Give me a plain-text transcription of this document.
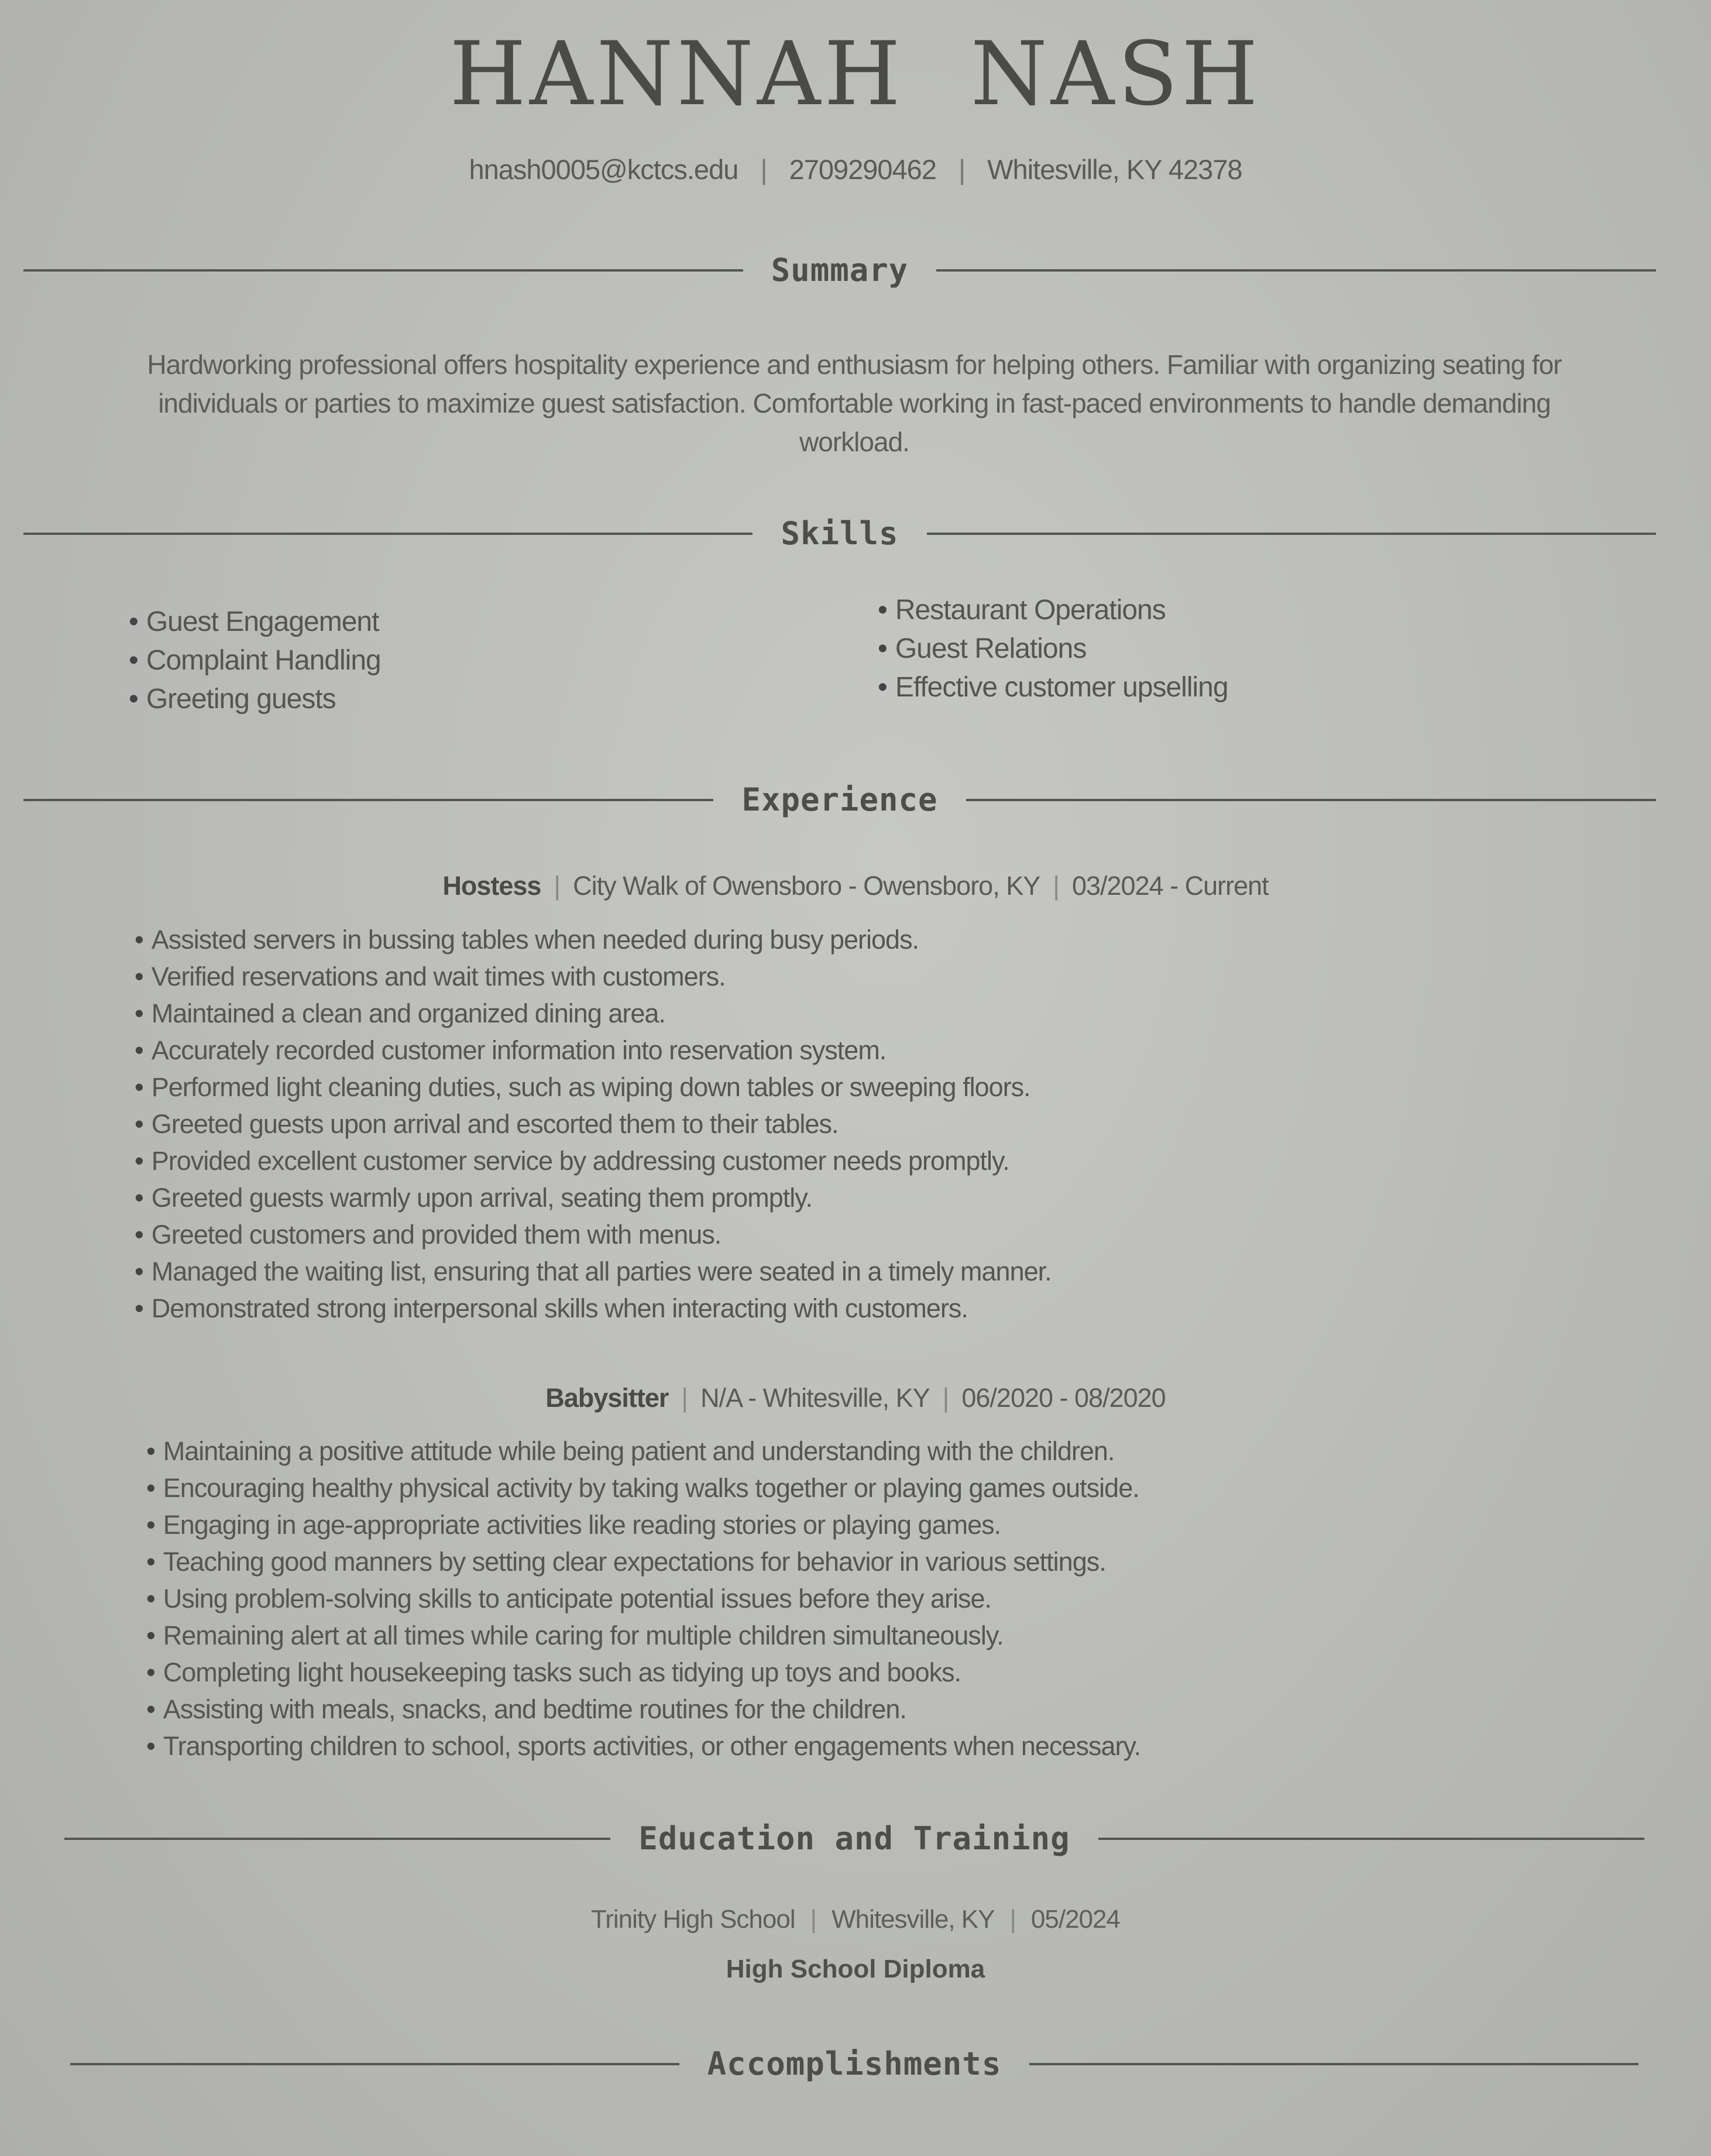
HANNAH NASH
hnash0005@kctcs.edu | 2709290462 | Whitesville, KY 42378
Summary
Hardworking professional offers hospitality experience and enthusiasm for helping others. Familiar with organizing seating for individuals or parties to maximize guest satisfaction. Comfortable working in fast-paced environments to handle demanding workload.
Skills
• Guest Engagement
• Complaint Handling
• Greeting guests
• Restaurant Operations
• Guest Relations
• Effective customer upselling
Experience
Hostess | City Walk of Owensboro - Owensboro, KY | 03/2024 - Current
• Assisted servers in bussing tables when needed during busy periods.
• Verified reservations and wait times with customers.
• Maintained a clean and organized dining area.
• Accurately recorded customer information into reservation system.
• Performed light cleaning duties, such as wiping down tables or sweeping floors.
• Greeted guests upon arrival and escorted them to their tables.
• Provided excellent customer service by addressing customer needs promptly.
• Greeted guests warmly upon arrival, seating them promptly.
• Greeted customers and provided them with menus.
• Managed the waiting list, ensuring that all parties were seated in a timely manner.
• Demonstrated strong interpersonal skills when interacting with customers.
Babysitter | N/A - Whitesville, KY | 06/2020 - 08/2020
• Maintaining a positive attitude while being patient and understanding with the children.
• Encouraging healthy physical activity by taking walks together or playing games outside.
• Engaging in age-appropriate activities like reading stories or playing games.
• Teaching good manners by setting clear expectations for behavior in various settings.
• Using problem-solving skills to anticipate potential issues before they arise.
• Remaining alert at all times while caring for multiple children simultaneously.
• Completing light housekeeping tasks such as tidying up toys and books.
• Assisting with meals, snacks, and bedtime routines for the children.
• Transporting children to school, sports activities, or other engagements when necessary.
Education and Training
Trinity High School | Whitesville, KY | 05/2024
High School Diploma
Accomplishments
